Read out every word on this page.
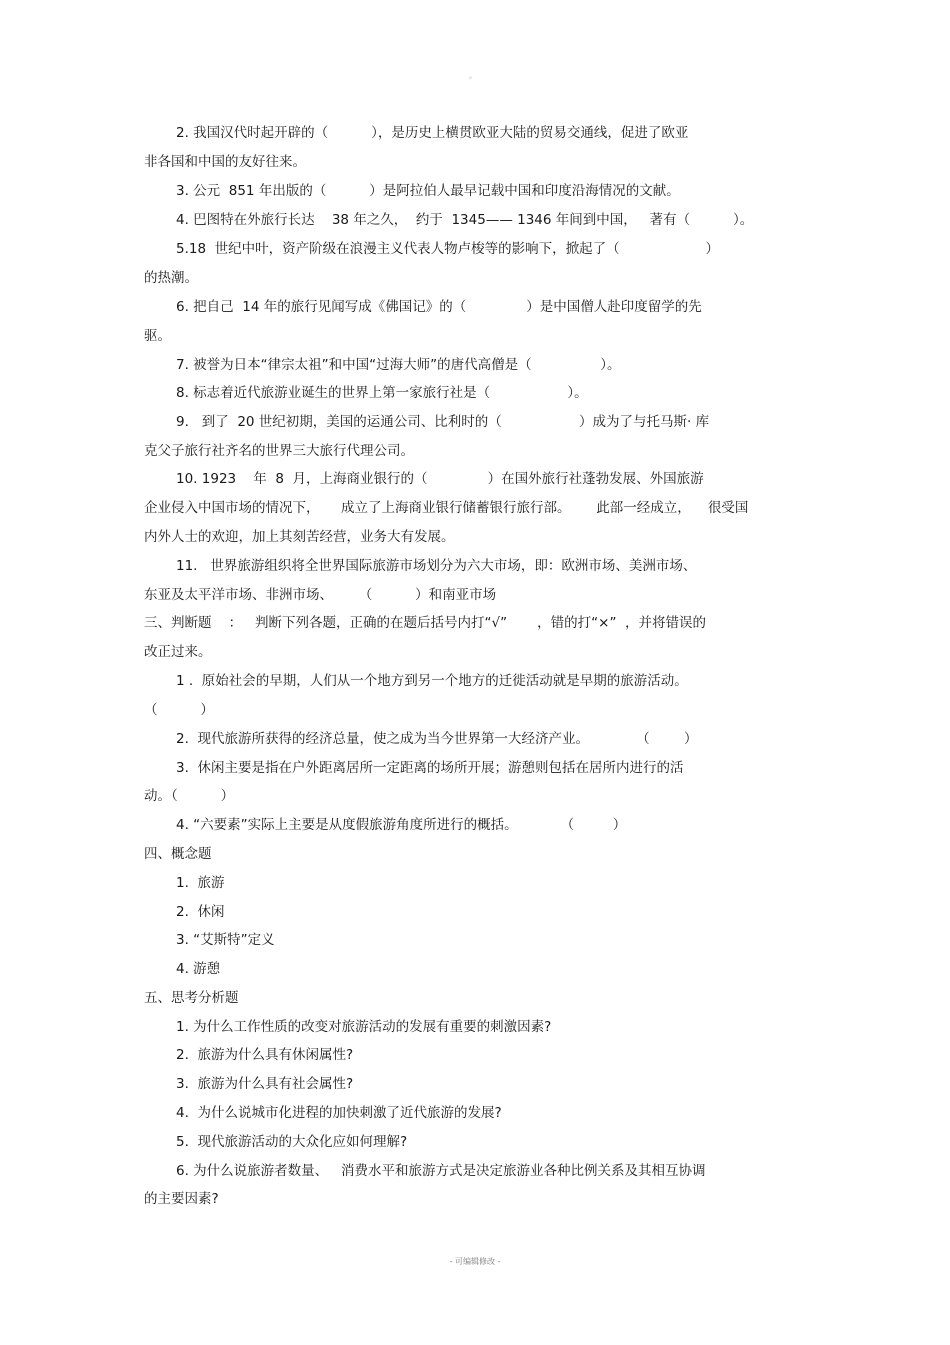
。
2. 我国汉代时起开辟的（          ），是历史上横贯欧亚大陆的贸易交通线，促进了欧亚
非各国和中国的友好往来。
3. 公元  851 年出版的（          ）是阿拉伯人最早记载中国和印度沿海情况的文献。
4. 巴图特在外旅行长达    38 年之久，  约于  1345—— 1346 年间到中国，   著有（          ）。
5.18  世纪中叶，资产阶级在浪漫主义代表人物卢梭等的影响下，掀起了（                    ）
的热潮。
6. 把自己  14 年的旅行见闻写成《佛国记》的（              ）是中国僧人赴印度留学的先
驱。
7. 被誉为日本“律宗太祖”和中国“过海大师”的唐代高僧是（                ）。
8. 标志着近代旅游业诞生的世界上第一家旅行社是（                  ）。
9.   到了  20 世纪初期，美国的运通公司、比利时的（                  ）成为了与托马斯· 库
克父子旅行社齐名的世界三大旅行代理公司。
10. 1923    年  8  月，上海商业银行的（              ）在国外旅行社蓬勃发展、外国旅游
企业侵入中国市场的情况下，     成立了上海商业银行储蓄银行旅行部。      此部一经成立，    很受国
内外人士的欢迎，加上其刻苦经营，业务大有发展。
11.   世界旅游组织将全世界国际旅游市场划分为六大市场，即：欧洲市场、美洲市场、
东亚及太平洋市场、非洲市场、      （          ）和南亚市场
三、判断题    ：   判断下列各题，正确的在题后括号内打“√”       ，错的打“×”  ，并将错误的
改正过来。
1 .  原始社会的早期，人们从一个地方到另一个地方的迁徙活动就是早期的旅游活动。
（          ）
2.  现代旅游所获得的经济总量，使之成为当今世界第一大经济产业。           （        ）
3.  休闲主要是指在户外距离居所一定距离的场所开展；游憩则包括在居所内进行的活
动。（          ）
4. “六要素”实际上主要是从度假旅游角度所进行的概括。          （         ）
四、概念题
1.  旅游
2.  休闲
3. “艾斯特”定义
4. 游憩
五、思考分析题
1. 为什么工作性质的改变对旅游活动的发展有重要的刺激因素?
2.  旅游为什么具有休闲属性?
3.  旅游为什么具有社会属性?
4.  为什么说城市化进程的加快刺激了近代旅游的发展?
5.  现代旅游活动的大众化应如何理解?
6. 为什么说旅游者数量、   消费水平和旅游方式是决定旅游业各种比例关系及其相互协调
的主要因素?
- 可编辑修改 -
